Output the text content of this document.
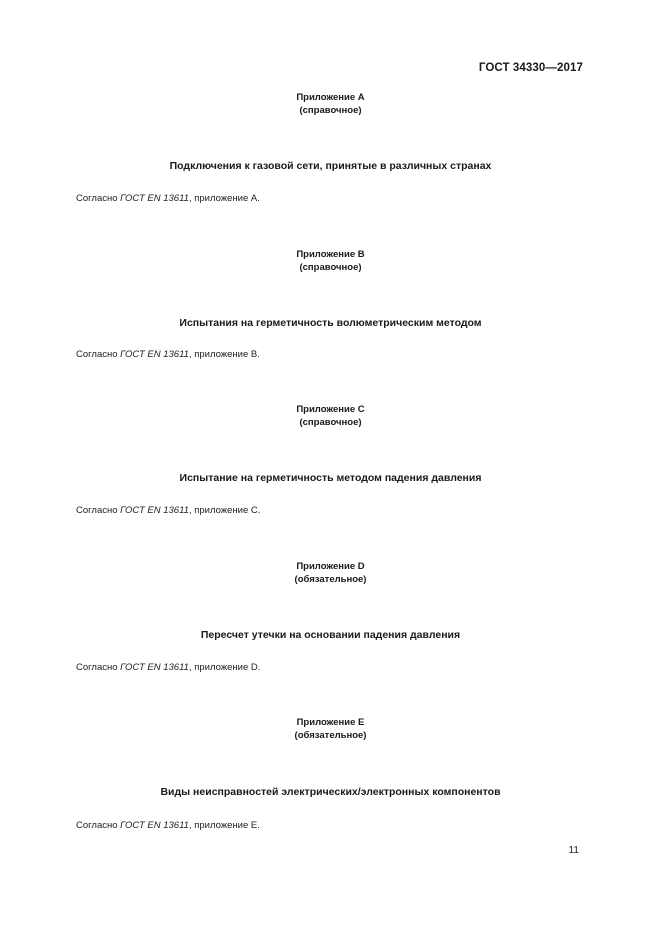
ГОСТ 34330—2017
Приложение А
(справочное)
Подключения к газовой сети, принятые в различных странах
Согласно ГОСТ EN 13611, приложение А.
Приложение В
(справочное)
Испытания на герметичность волюметрическим методом
Согласно ГОСТ EN 13611, приложение В.
Приложение С
(справочное)
Испытание на герметичность методом падения давления
Согласно ГОСТ EN 13611, приложение С.
Приложение D
(обязательное)
Пересчет утечки на основании падения давления
Согласно ГОСТ EN 13611, приложение D.
Приложение Е
(обязательное)
Виды неисправностей электрических/электронных компонентов
Согласно ГОСТ EN 13611, приложение Е.
11
